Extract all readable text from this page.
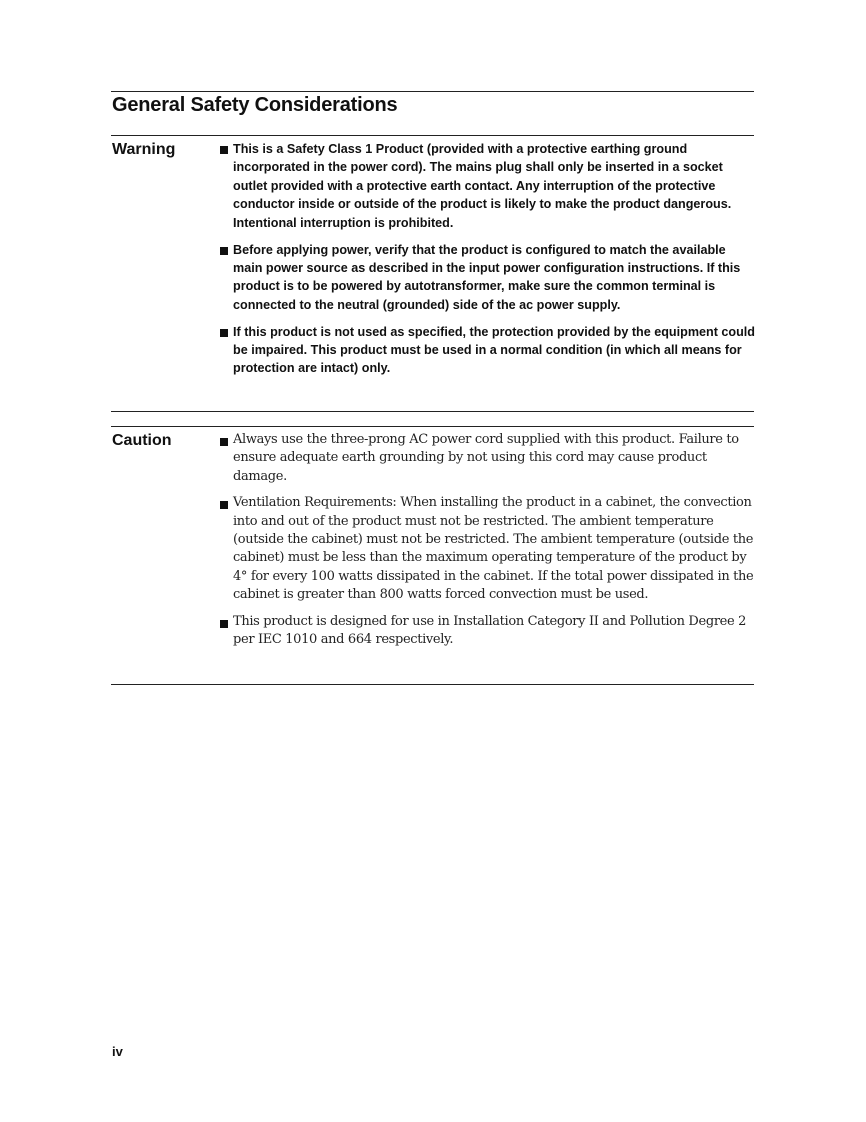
General Safety Considerations
Warning	This is a Safety Class 1 Product (provided with a protective earthing ground incorporated in the power cord). The mains plug shall only be inserted in a socket outlet provided with a protective earth contact. Any interruption of the protective conductor inside or outside of the product is likely to make the product dangerous. Intentional interruption is prohibited.
Before applying power, verify that the product is configured to match the available main power source as described in the input power configuration instructions. If this product is to be powered by autotransformer, make sure the common terminal is connected to the neutral (grounded) side of the ac power supply.
If this product is not used as specified, the protection provided by the equipment could be impaired. This product must be used in a normal condition (in which all means for protection are intact) only.
Caution	Always use the three-prong AC power cord supplied with this product. Failure to ensure adequate earth grounding by not using this cord may cause product damage.
Ventilation Requirements: When installing the product in a cabinet, the convection into and out of the product must not be restricted. The ambient temperature (outside the cabinet) must not be restricted. The ambient temperature (outside the cabinet) must be less than the maximum operating temperature of the product by 4° for every 100 watts dissipated in the cabinet. If the total power dissipated in the cabinet is greater than 800 watts forced convection must be used.
This product is designed for use in Installation Category II and Pollution Degree 2 per IEC 1010 and 664 respectively.
iv
